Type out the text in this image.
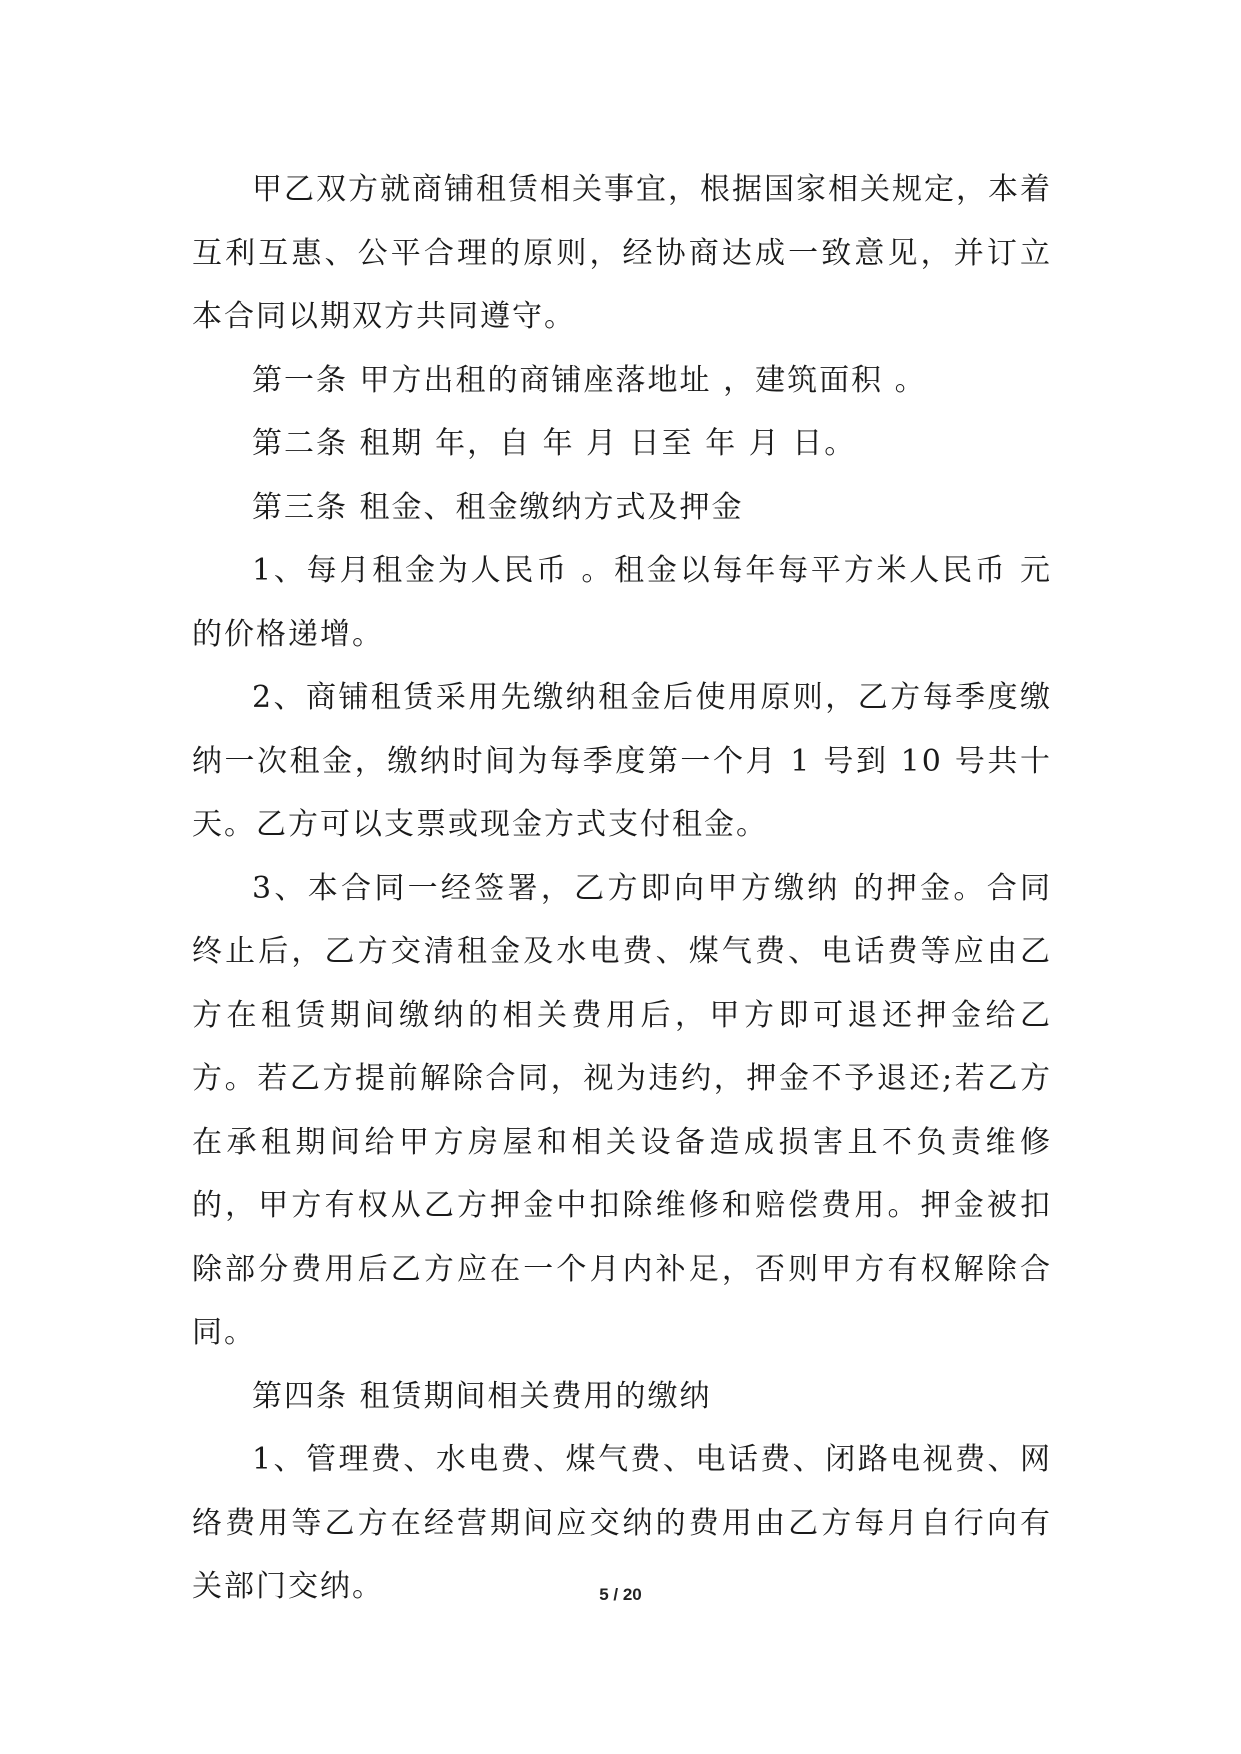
甲乙双方就商铺租赁相关事宜，根据国家相关规定，本着互利互惠、公平合理的原则，经协商达成一致意见，并订立本合同以期双方共同遵守。

第一条 甲方出租的商铺座落地址 ，建筑面积 。

第二条 租期 年，自 年 月 日至 年 月 日。

第三条 租金、租金缴纳方式及押金

1、每月租金为人民币 。租金以每年每平方米人民币 元的价格递增。

2、商铺租赁采用先缴纳租金后使用原则，乙方每季度缴纳一次租金，缴纳时间为每季度第一个月 1 号到 10 号共十天。乙方可以支票或现金方式支付租金。

3、本合同一经签署，乙方即向甲方缴纳 的押金。合同终止后，乙方交清租金及水电费、煤气费、电话费等应由乙方在租赁期间缴纳的相关费用后，甲方即可退还押金给乙方。若乙方提前解除合同，视为违约，押金不予退还;若乙方在承租期间给甲方房屋和相关设备造成损害且不负责维修的，甲方有权从乙方押金中扣除维修和赔偿费用。押金被扣除部分费用后乙方应在一个月内补足，否则甲方有权解除合同。

第四条 租赁期间相关费用的缴纳

1、管理费、水电费、煤气费、电话费、闭路电视费、网络费用等乙方在经营期间应交纳的费用由乙方每月自行向有关部门交纳。	5 / 20
